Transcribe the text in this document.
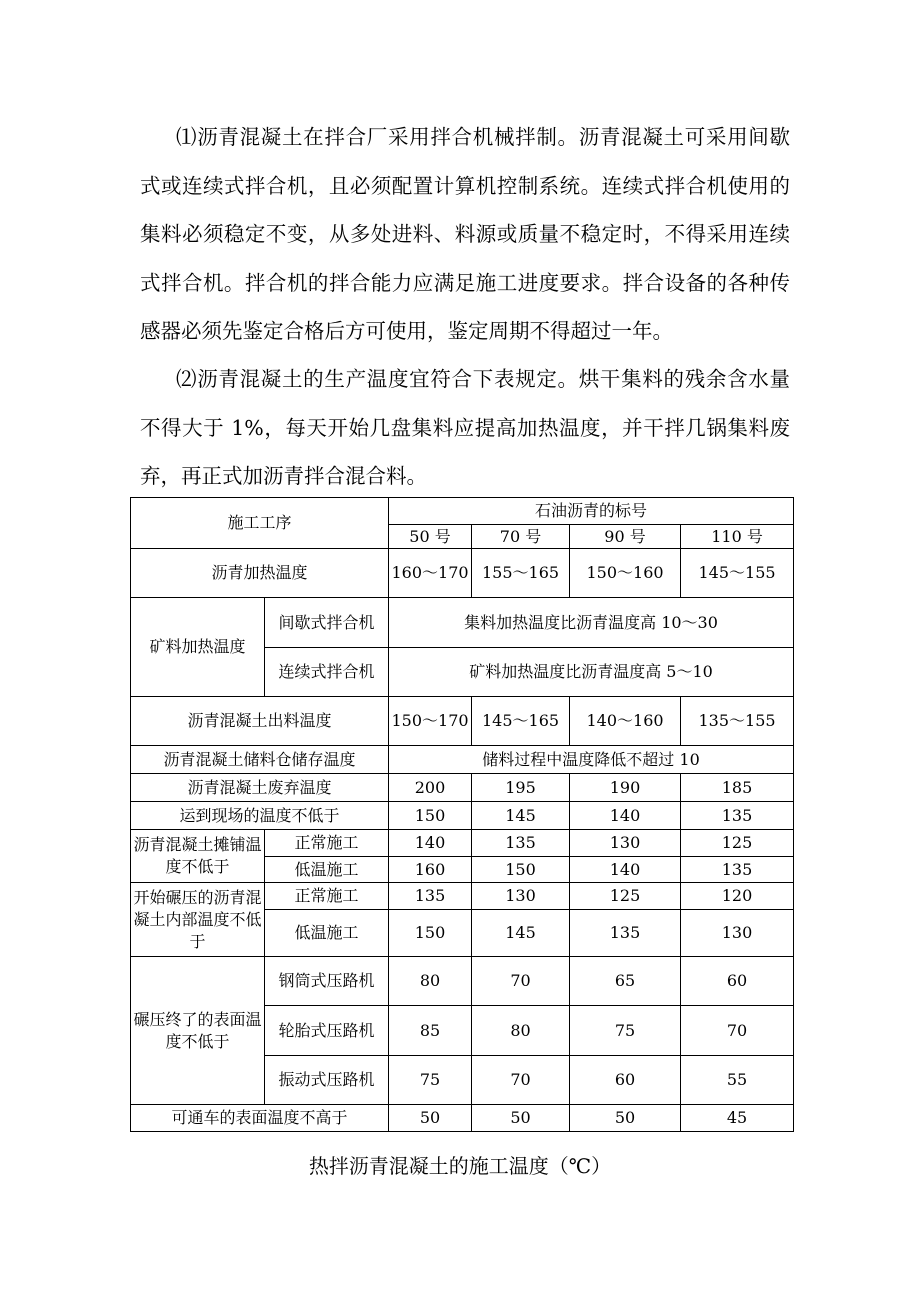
⑴沥青混凝土在拌合厂采用拌合机械拌制。沥青混凝土可采用间歇式或连续式拌合机，且必须配置计算机控制系统。连续式拌合机使用的集料必须稳定不变，从多处进料、料源或质量不稳定时，不得采用连续式拌合机。拌合机的拌合能力应满足施工进度要求。拌合设备的各种传感器必须先鉴定合格后方可使用，鉴定周期不得超过一年。

⑵沥青混凝土的生产温度宜符合下表规定。烘干集料的残余含水量不得大于 1%，每天开始几盘集料应提高加热温度，并干拌几锅集料废弃，再正式加沥青拌合混合料。

施工工序		石油沥青的标号			
		50 号	70 号	90 号	110 号
沥青加热温度		160～170	155～165	150～160	145～155
矿料加热温度	间歇式拌合机	集料加热温度比沥青温度高 10～30			
	连续式拌合机	矿料加热温度比沥青温度高 5～10			
沥青混凝土出料温度		150～170	145～165	140～160	135～155
沥青混凝土储料仓储存温度		储料过程中温度降低不超过 10			
沥青混凝土废弃温度		200	195	190	185
运到现场的温度不低于		150	145	140	135
沥青混凝土摊铺温度不低于	正常施工	140	135	130	125
	低温施工	160	150	140	135
开始碾压的沥青混凝土内部温度不低于	正常施工	135	130	125	120
	低温施工	150	145	135	130
碾压终了的表面温度不低于	钢筒式压路机	80	70	65	60
	轮胎式压路机	85	80	75	70
	振动式压路机	75	70	60	55
可通车的表面温度不高于		50	50	50	45

热拌沥青混凝土的施工温度（℃）
